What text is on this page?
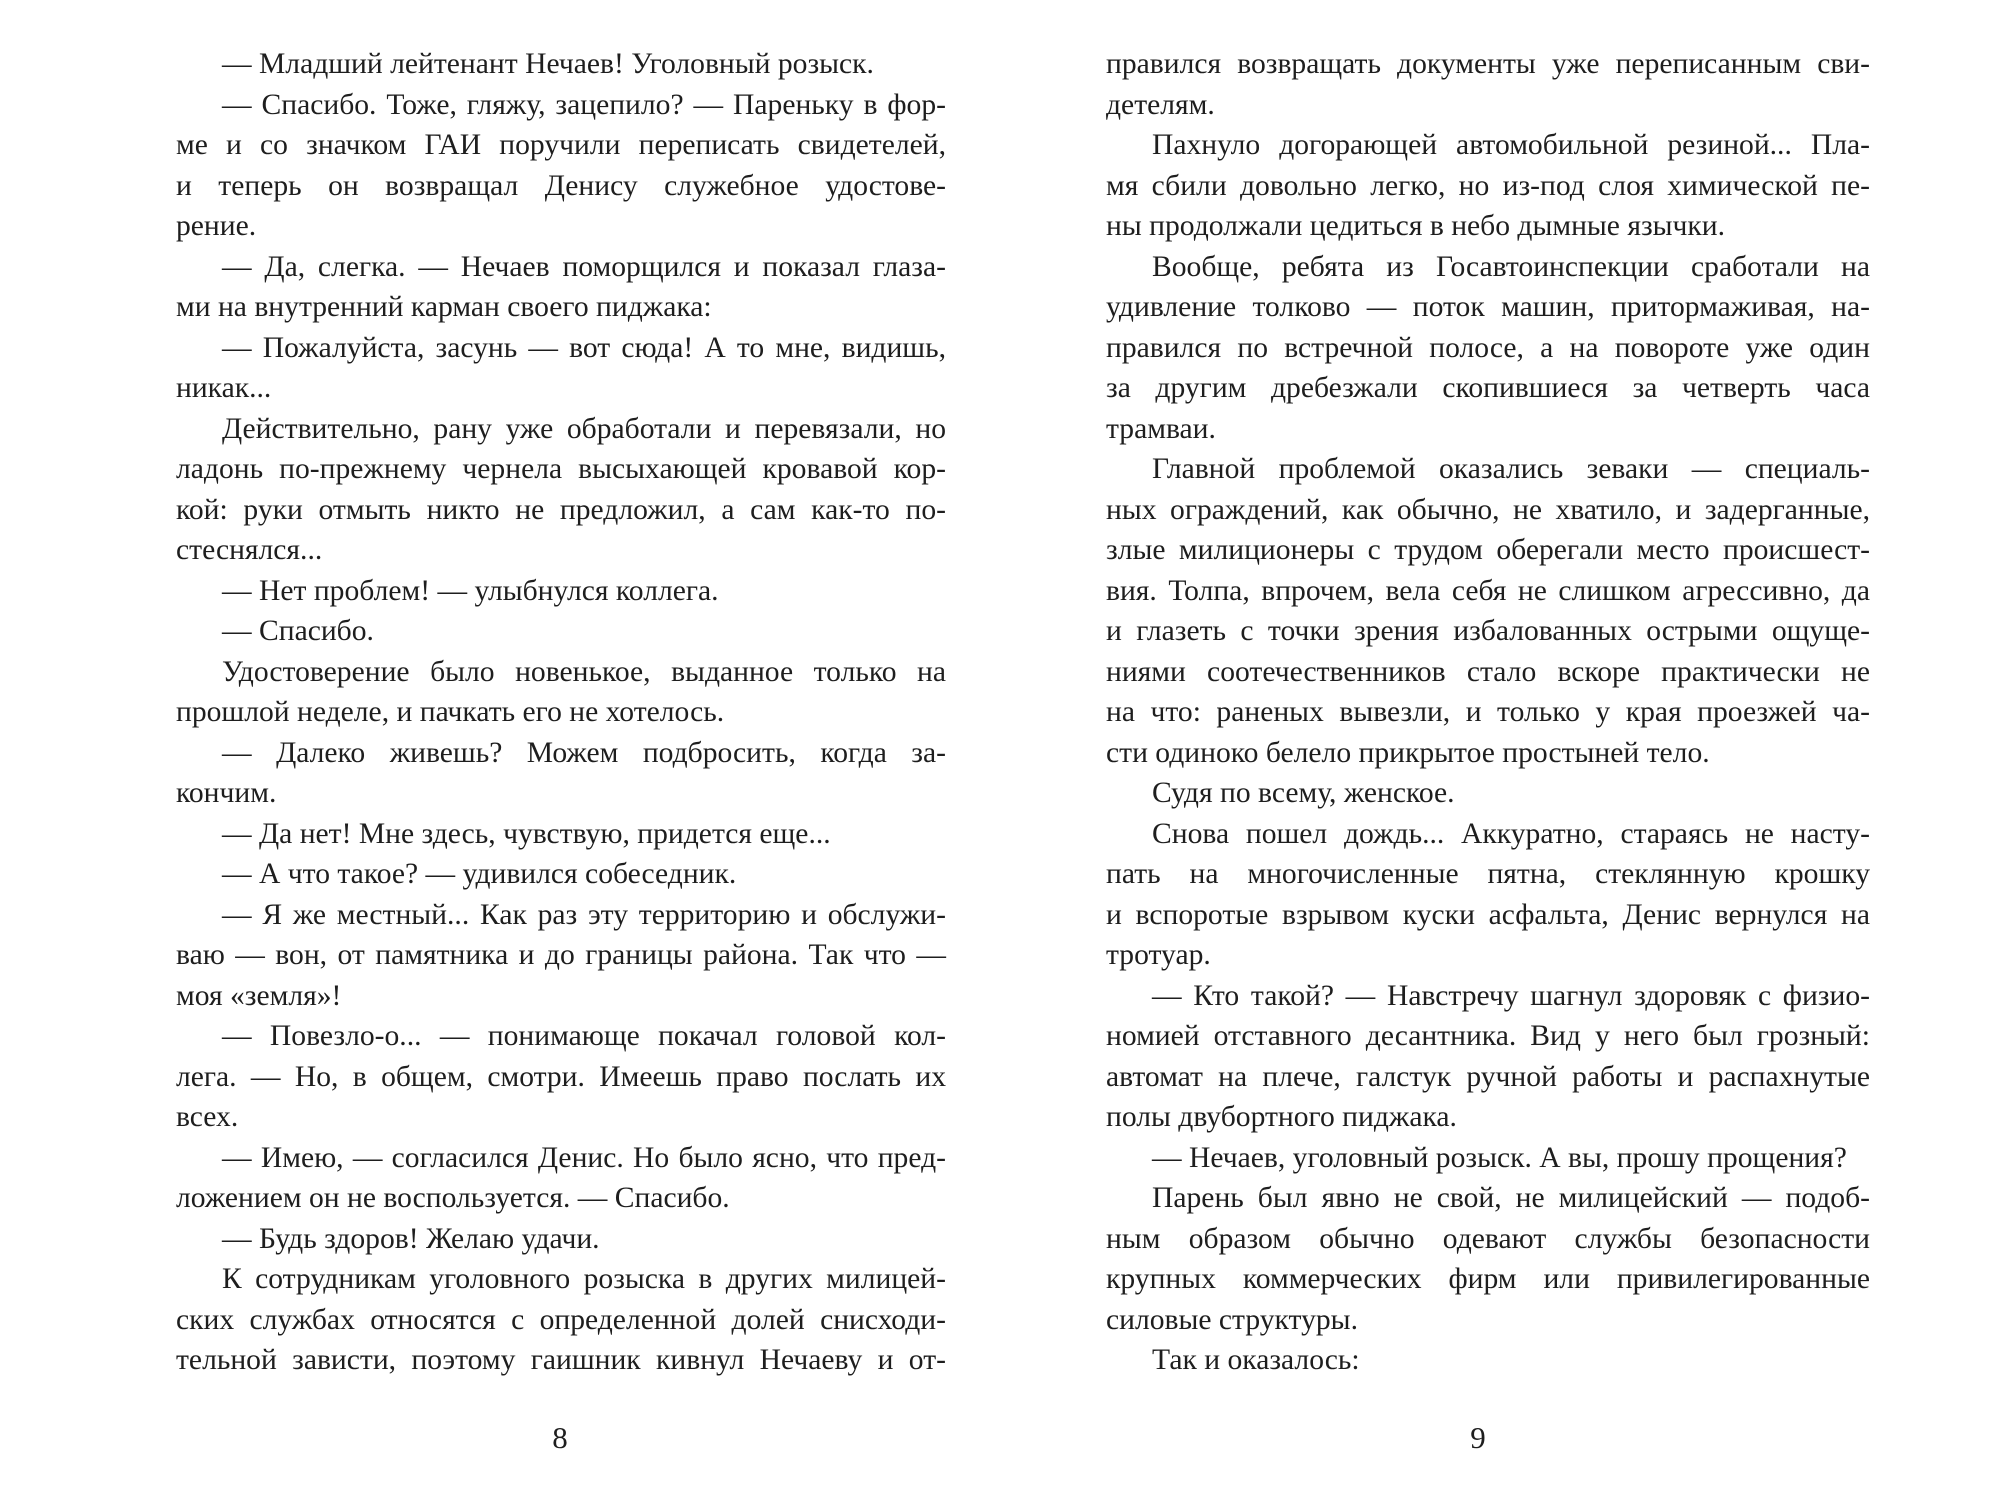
— Младший лейтенант Нечаев! Уголовный розыск.
— Спасибо. Тоже, гляжу, зацепило? — Пареньку в фор-
ме и со значком ГАИ поручили переписать свидетелей,
и теперь он возвращал Денису служебное удостове-
рение.
— Да, слегка. — Нечаев поморщился и показал глаза-
ми на внутренний карман своего пиджака:
— Пожалуйста, засунь — вот сюда! А то мне, видишь,
никак...
Действительно, рану уже обработали и перевязали, но
ладонь по-прежнему чернела высыхающей кровавой кор-
кой: руки отмыть никто не предложил, а сам как-то по-
стеснялся...
— Нет проблем! — улыбнулся коллега.
— Спасибо.
Удостоверение было новенькое, выданное только на
прошлой неделе, и пачкать его не хотелось.
— Далеко живешь? Можем подбросить, когда за-
кончим.
— Да нет! Мне здесь, чувствую, придется еще...
— А что такое? — удивился собеседник.
— Я же местный... Как раз эту территорию и обслужи-
ваю — вон, от памятника и до границы района. Так что —
моя «земля»!
— Повезло-о... — понимающе покачал головой кол-
лега. — Но, в общем, смотри. Имеешь право послать их
всех.
— Имею, — согласился Денис. Но было ясно, что пред-
ложением он не воспользуется. — Спасибо.
— Будь здоров! Желаю удачи.
К сотрудникам уголовного розыска в других милицей-
ских службах относятся с определенной долей снисходи-
тельной зависти, поэтому гаишник кивнул Нечаеву и от-
правился возвращать документы уже переписанным сви-
детелям.
Пахнуло догорающей автомобильной резиной... Пла-
мя сбили довольно легко, но из-под слоя химической пе-
ны продолжали цедиться в небо дымные язычки.
Вообще, ребята из Госавтоинспекции сработали на
удивление толково — поток машин, притормаживая, на-
правился по встречной полосе, а на повороте уже один
за другим дребезжали скопившиеся за четверть часа
трамваи.
Главной проблемой оказались зеваки — специаль-
ных ограждений, как обычно, не хватило, и задерганные,
злые милиционеры с трудом оберегали место происшест-
вия. Толпа, впрочем, вела себя не слишком агрессивно, да
и глазеть с точки зрения избалованных острыми ощуще-
ниями соотечественников стало вскоре практически не
на что: раненых вывезли, и только у края проезжей ча-
сти одиноко белело прикрытое простыней тело.
Судя по всему, женское.
Снова пошел дождь... Аккуратно, стараясь не насту-
пать на многочисленные пятна, стеклянную крошку
и вспоротые взрывом куски асфальта, Денис вернулся на
тротуар.
— Кто такой? — Навстречу шагнул здоровяк с физио-
номией отставного десантника. Вид у него был грозный:
автомат на плече, галстук ручной работы и распахнутые
полы двубортного пиджака.
— Нечаев, уголовный розыск. А вы, прошу прощения?
Парень был явно не свой, не милицейский — подоб-
ным образом обычно одевают службы безопасности
крупных коммерческих фирм или привилегированные
силовые структуры.
Так и оказалось:
8	9
